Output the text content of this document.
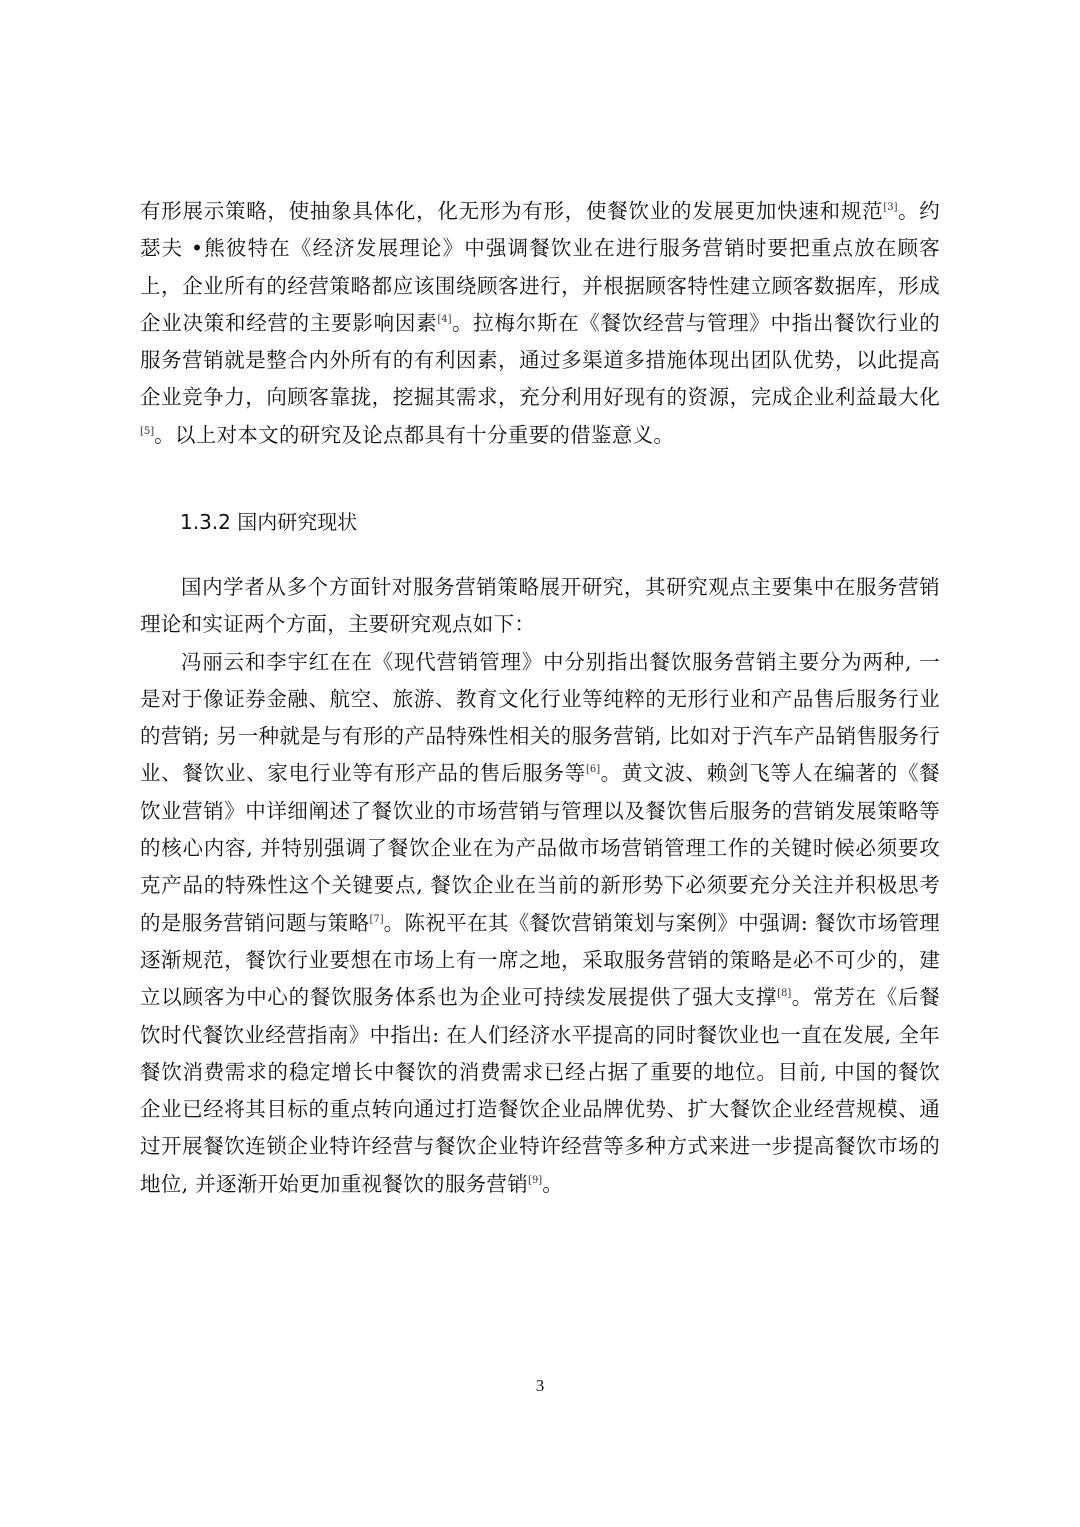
有形展示策略，使抽象具体化，化无形为有形，使餐饮业的发展更加快速和规范[3]。约瑟夫 •熊彼特在《经济发展理论》中强调餐饮业在进行服务营销时要把重点放在顾客上，企业所有的经营策略都应该围绕顾客进行，并根据顾客特性建立顾客数据库，形成企业决策和经营的主要影响因素[4]。拉梅尔斯在《餐饮经营与管理》中指出餐饮行业的服务营销就是整合内外所有的有利因素，通过多渠道多措施体现出团队优势，以此提高企业竞争力，向顾客靠拢，挖掘其需求，充分利用好现有的资源，完成企业利益最大化[5]。以上对本文的研究及论点都具有十分重要的借鉴意义。

1.3.2 国内研究现状

国内学者从多个方面针对服务营销策略展开研究，其研究观点主要集中在服务营销理论和实证两个方面，主要研究观点如下：

冯丽云和李宇红在在《现代营销管理》中分别指出餐饮服务营销主要分为两种, 一是对于像证券金融、航空、旅游、教育文化行业等纯粹的无形行业和产品售后服务行业的营销; 另一种就是与有形的产品特殊性相关的服务营销, 比如对于汽车产品销售服务行业、餐饮业、家电行业等有形产品的售后服务等[6]。黄文波、赖剑飞等人在编著的《餐饮业营销》中详细阐述了餐饮业的市场营销与管理以及餐饮售后服务的营销发展策略等的核心内容, 并特别强调了餐饮企业在为产品做市场营销管理工作的关键时候必须要攻克产品的特殊性这个关键要点, 餐饮企业在当前的新形势下必须要充分关注并积极思考的是服务营销问题与策略[7]。陈祝平在其《餐饮营销策划与案例》中强调: 餐饮市场管理逐渐规范，餐饮行业要想在市场上有一席之地，采取服务营销的策略是必不可少的，建立以顾客为中心的餐饮服务体系也为企业可持续发展提供了强大支撑[8]。常芳在《后餐饮时代餐饮业经营指南》中指出: 在人们经济水平提高的同时餐饮业也一直在发展, 全年餐饮消费需求的稳定增长中餐饮的消费需求已经占据了重要的地位。目前, 中国的餐饮企业已经将其目标的重点转向通过打造餐饮企业品牌优势、扩大餐饮企业经营规模、通过开展餐饮连锁企业特许经营与餐饮企业特许经营等多种方式来进一步提高餐饮市场的地位, 并逐渐开始更加重视餐饮的服务营销[9]。

3
